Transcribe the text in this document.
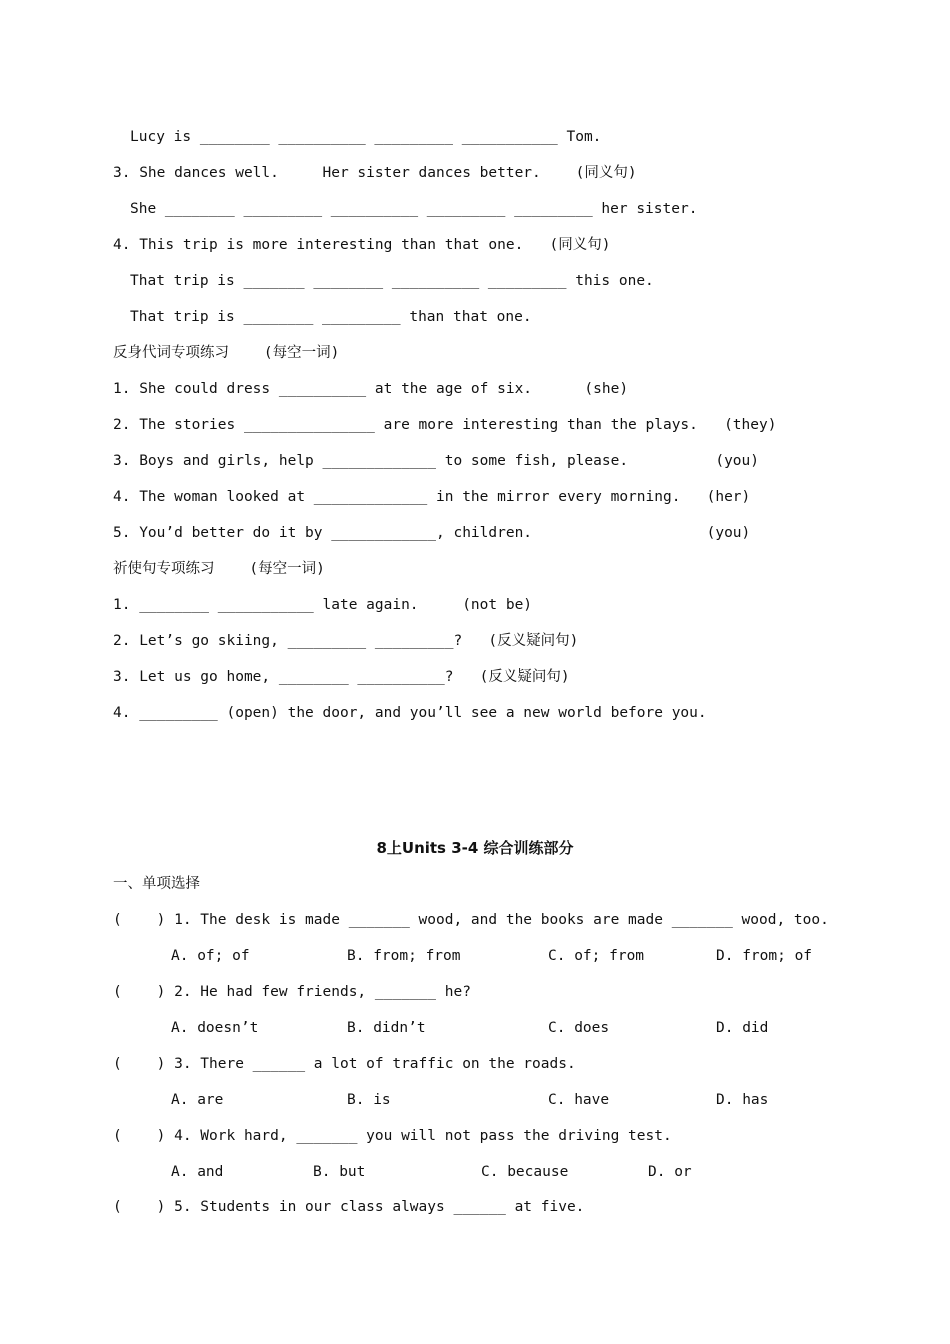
Lucy is ________ __________ _________ ___________ Tom.
3. She dances well.     Her sister dances better.    (同义句)
She ________ _________ __________ _________ _________ her sister.
4. This trip is more interesting than that one.   (同义句)
That trip is _______ ________ __________ _________ this one.
That trip is ________ _________ than that one.
反身代词专项练习    (每空一词)
1. She could dress __________ at the age of six.      (she)
2. The stories _______________ are more interesting than the plays.   (they)
3. Boys and girls, help _____________ to some fish, please.          (you)
4. The woman looked at _____________ in the mirror every morning.   (her)
5. You’d better do it by ____________, children.                    (you)
祈使句专项练习    (每空一词)
1. ________ ___________ late again.     (not be)
2. Let’s go skiing, _________ _________?   (反义疑问句)
3. Let us go home, ________ __________?   (反义疑问句)
4. _________ (open) the door, and you’ll see a new world before you.
8上Units 3-4 综合训练部分
一、单项选择
(    ) 1. The desk is made _______ wood, and the books are made _______ wood, too.
A. of; of	B. from; from	C. of; from	D. from; of
(    ) 2. He had few friends, _______ he?
A. doesn’t	B. didn’t	C. does	D. did
(    ) 3. There ______ a lot of traffic on the roads.
A. are	B. is	C. have	D. has
(    ) 4. Work hard, _______ you will not pass the driving test.
A. and	B. but	C. because	D. or
(    ) 5. Students in our class always ______ at five.
